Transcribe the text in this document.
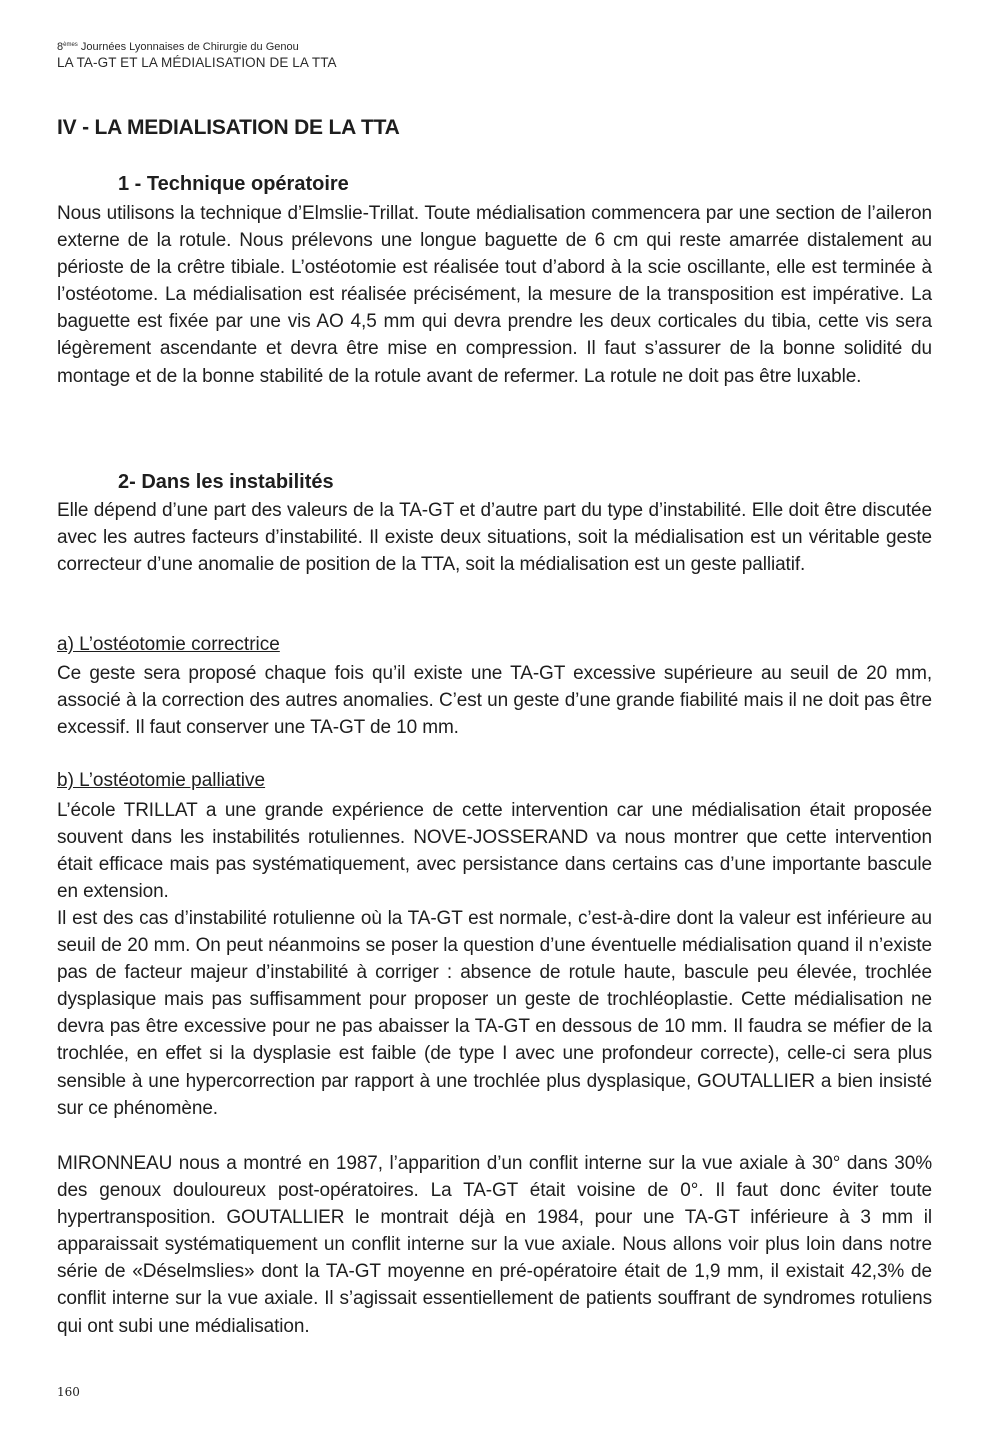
8èmes Journées Lyonnaises de Chirurgie du Genou
LA TA-GT ET LA MÉDIALISATION DE LA TTA
IV - LA MEDIALISATION DE LA TTA
1 - Technique opératoire

Nous utilisons la technique d’Elmslie-Trillat. Toute médialisation commencera par une section de l’aileron externe de la rotule. Nous prélevons une longue baguette de 6 cm qui reste amarrée distalement au périoste de la crêtre tibiale. L’ostéotomie est réalisée tout d’abord à la scie oscillante, elle est terminée à l’ostéotome. La médialisation est réalisée précisément, la mesure de la transposition est impérative. La baguette est fixée par une vis AO 4,5 mm qui devra prendre les deux corticales du tibia, cette vis sera légèrement ascendante et devra être mise en compression. Il faut s’assurer de la bonne solidité du montage et de la bonne stabilité de la rotule avant de refermer. La rotule ne doit pas être luxable.

2- Dans les instabilités

Elle dépend d’une part des valeurs de la TA-GT et d’autre part du type d’instabilité. Elle doit être discutée avec les autres facteurs d’instabilité. Il existe deux situations, soit la médialisation est un véritable geste correcteur d’une anomalie de position de la TTA, soit la médialisation est un geste palliatif.

a) L’ostéotomie correctrice

Ce geste sera proposé chaque fois qu’il existe une TA-GT excessive supérieure au seuil de 20 mm, associé à la correction des autres anomalies. C’est un geste d’une grande fiabilité mais il ne doit pas être excessif. Il faut conserver une TA-GT de 10 mm.

b) L’ostéotomie palliative

L’école TRILLAT a une grande expérience de cette intervention car une médialisation était proposée souvent dans les instabilités rotuliennes. NOVE-JOSSERAND va nous montrer que cette intervention était efficace mais pas systématiquement, avec persistance dans certains cas d’une importante bascule en extension.

Il est des cas d’instabilité rotulienne où la TA-GT est normale, c’est-à-dire dont la valeur est inférieure au seuil de 20 mm. On peut néanmoins se poser la question d’une éventuelle médialisation quand il n’existe pas de facteur majeur d’instabilité à corriger : absence de rotule haute, bascule peu élevée, trochlée dysplasique mais pas suffisamment pour proposer un geste de trochléoplastie. Cette médialisation ne devra pas être excessive pour ne pas abaisser la TA-GT en dessous de 10 mm. Il faudra se méfier de la trochlée, en effet si la dysplasie est faible (de type I avec une profondeur correcte), celle-ci sera plus sensible à une hypercorrection par rapport à une trochlée plus dysplasique, GOUTALLIER a bien insisté sur ce phénomène.

MIRONNEAU nous a montré en 1987, l’apparition d’un conflit interne sur la vue axiale à 30° dans 30% des genoux douloureux post-opératoires. La TA-GT était voisine de 0°. Il faut donc éviter toute hypertransposition. GOUTALLIER le montrait déjà en 1984, pour une TA-GT inférieure à 3 mm il apparaissait systématiquement un conflit interne sur la vue axiale. Nous allons voir plus loin dans notre série de «Déselmslies» dont la TA-GT moyenne en pré-opératoire était de 1,9 mm, il existait 42,3% de conflit interne sur la vue axiale. Il s’agissait essentiellement de patients souffrant de syndromes rotuliens qui ont subi une médialisation.

160
